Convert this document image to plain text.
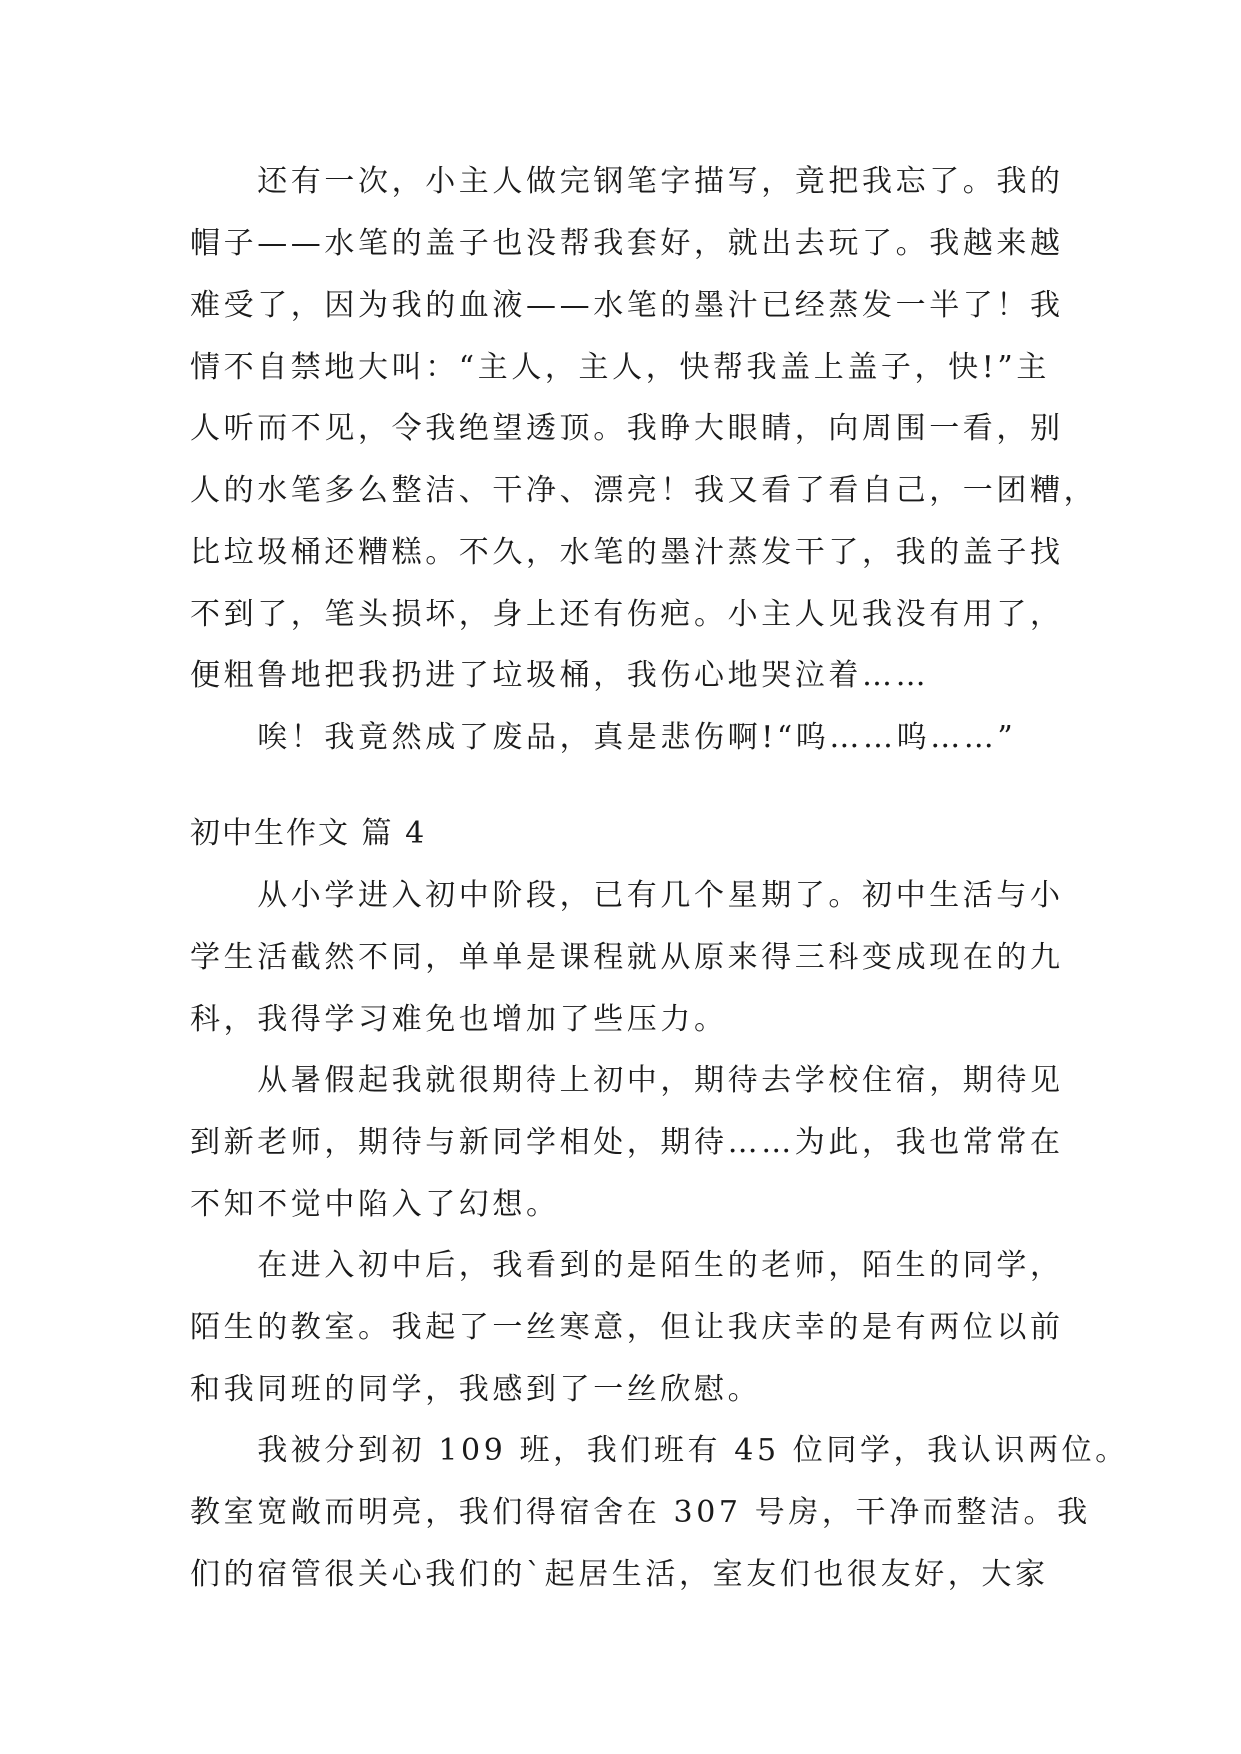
　　还有一次，小主人做完钢笔字描写，竟把我忘了。我的
帽子——水笔的盖子也没帮我套好，就出去玩了。我越来越
难受了，因为我的血液——水笔的墨汁已经蒸发一半了！我
情不自禁地大叫：“主人，主人，快帮我盖上盖子，快!”主
人听而不见，令我绝望透顶。我睁大眼睛，向周围一看，别
人的水笔多么整洁、干净、漂亮！我又看了看自己，一团糟，
比垃圾桶还糟糕。不久，水笔的墨汁蒸发干了，我的盖子找
不到了，笔头损坏，身上还有伤疤。小主人见我没有用了，
便粗鲁地把我扔进了垃圾桶，我伤心地哭泣着……
　　唉！我竟然成了废品，真是悲伤啊!“呜……呜……”
初中生作文 篇 4
　　从小学进入初中阶段，已有几个星期了。初中生活与小
学生活截然不同，单单是课程就从原来得三科变成现在的九
科，我得学习难免也增加了些压力。
　　从暑假起我就很期待上初中，期待去学校住宿，期待见
到新老师，期待与新同学相处，期待……为此，我也常常在
不知不觉中陷入了幻想。
　　在进入初中后，我看到的是陌生的老师，陌生的同学，
陌生的教室。我起了一丝寒意，但让我庆幸的是有两位以前
和我同班的同学，我感到了一丝欣慰。
　　我被分到初 109 班，我们班有 45 位同学，我认识两位。
教室宽敞而明亮，我们得宿舍在 307 号房，干净而整洁。我
们的宿管很关心我们的`起居生活，室友们也很友好，大家
